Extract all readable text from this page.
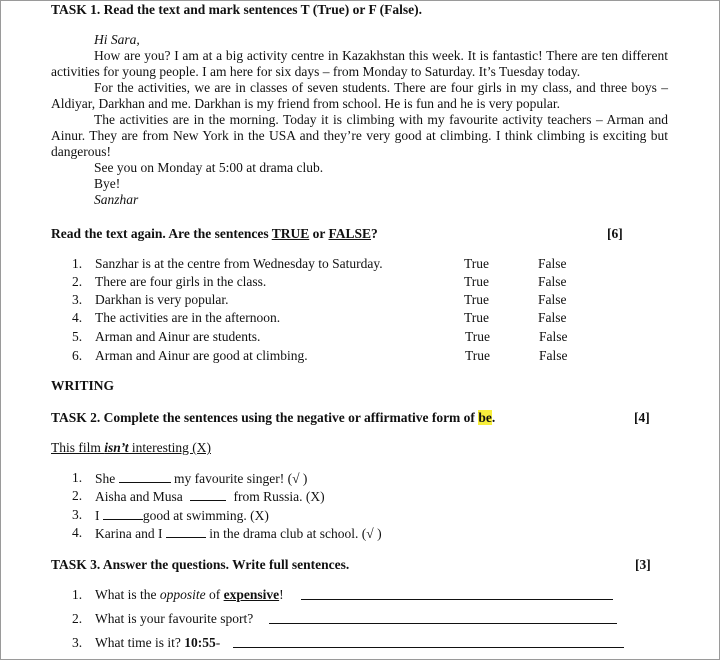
TASK 1. Read the text and mark sentences T (True) or F (False).
Hi Sara,

How are you? I am at a big activity centre in Kazakhstan this week. It is fantastic! There are ten different activities for young people. I am here for six days – from Monday to Saturday. It’s Tuesday today.

For the activities, we are in classes of seven students. There are four girls in my class, and three boys – Aldiyar, Darkhan and me. Darkhan is my friend from school. He is fun and he is very popular.

The activities are in the morning. Today it is climbing with my favourite activity teachers – Arman and Ainur. They are from New York in the USA and they’re very good at climbing. I think climbing is exciting but dangerous!

See you on Monday at 5:00 at drama club.
Bye!
Sanzhar
Read the text again. Are the sentences TRUE or FALSE?	[6]
1. Sanzhar is at the centre from Wednesday to Saturday.	True	False
2. There are four girls in the class.	True	False
3. Darkhan is very popular.	True	False
4. The activities are in the afternoon.	True	False
5. Arman and Ainur are students.	True	False
6. Arman and Ainur are good at climbing.	True	False
WRITING
TASK 2. Complete the sentences using the negative or affirmative form of be.	[4]
This film isn’t interesting (X)
1. She	my favourite singer! (√ )
2. Aisha and Musa	from Russia. (X)
3. I	good at swimming. (X)
4. Karina and I	in the drama club at school. (√ )
TASK 3. Answer the questions. Write full sentences.	[3]
1. What is the opposite of expensive!
2. What is your favourite sport?
3. What time is it? 10:55-
